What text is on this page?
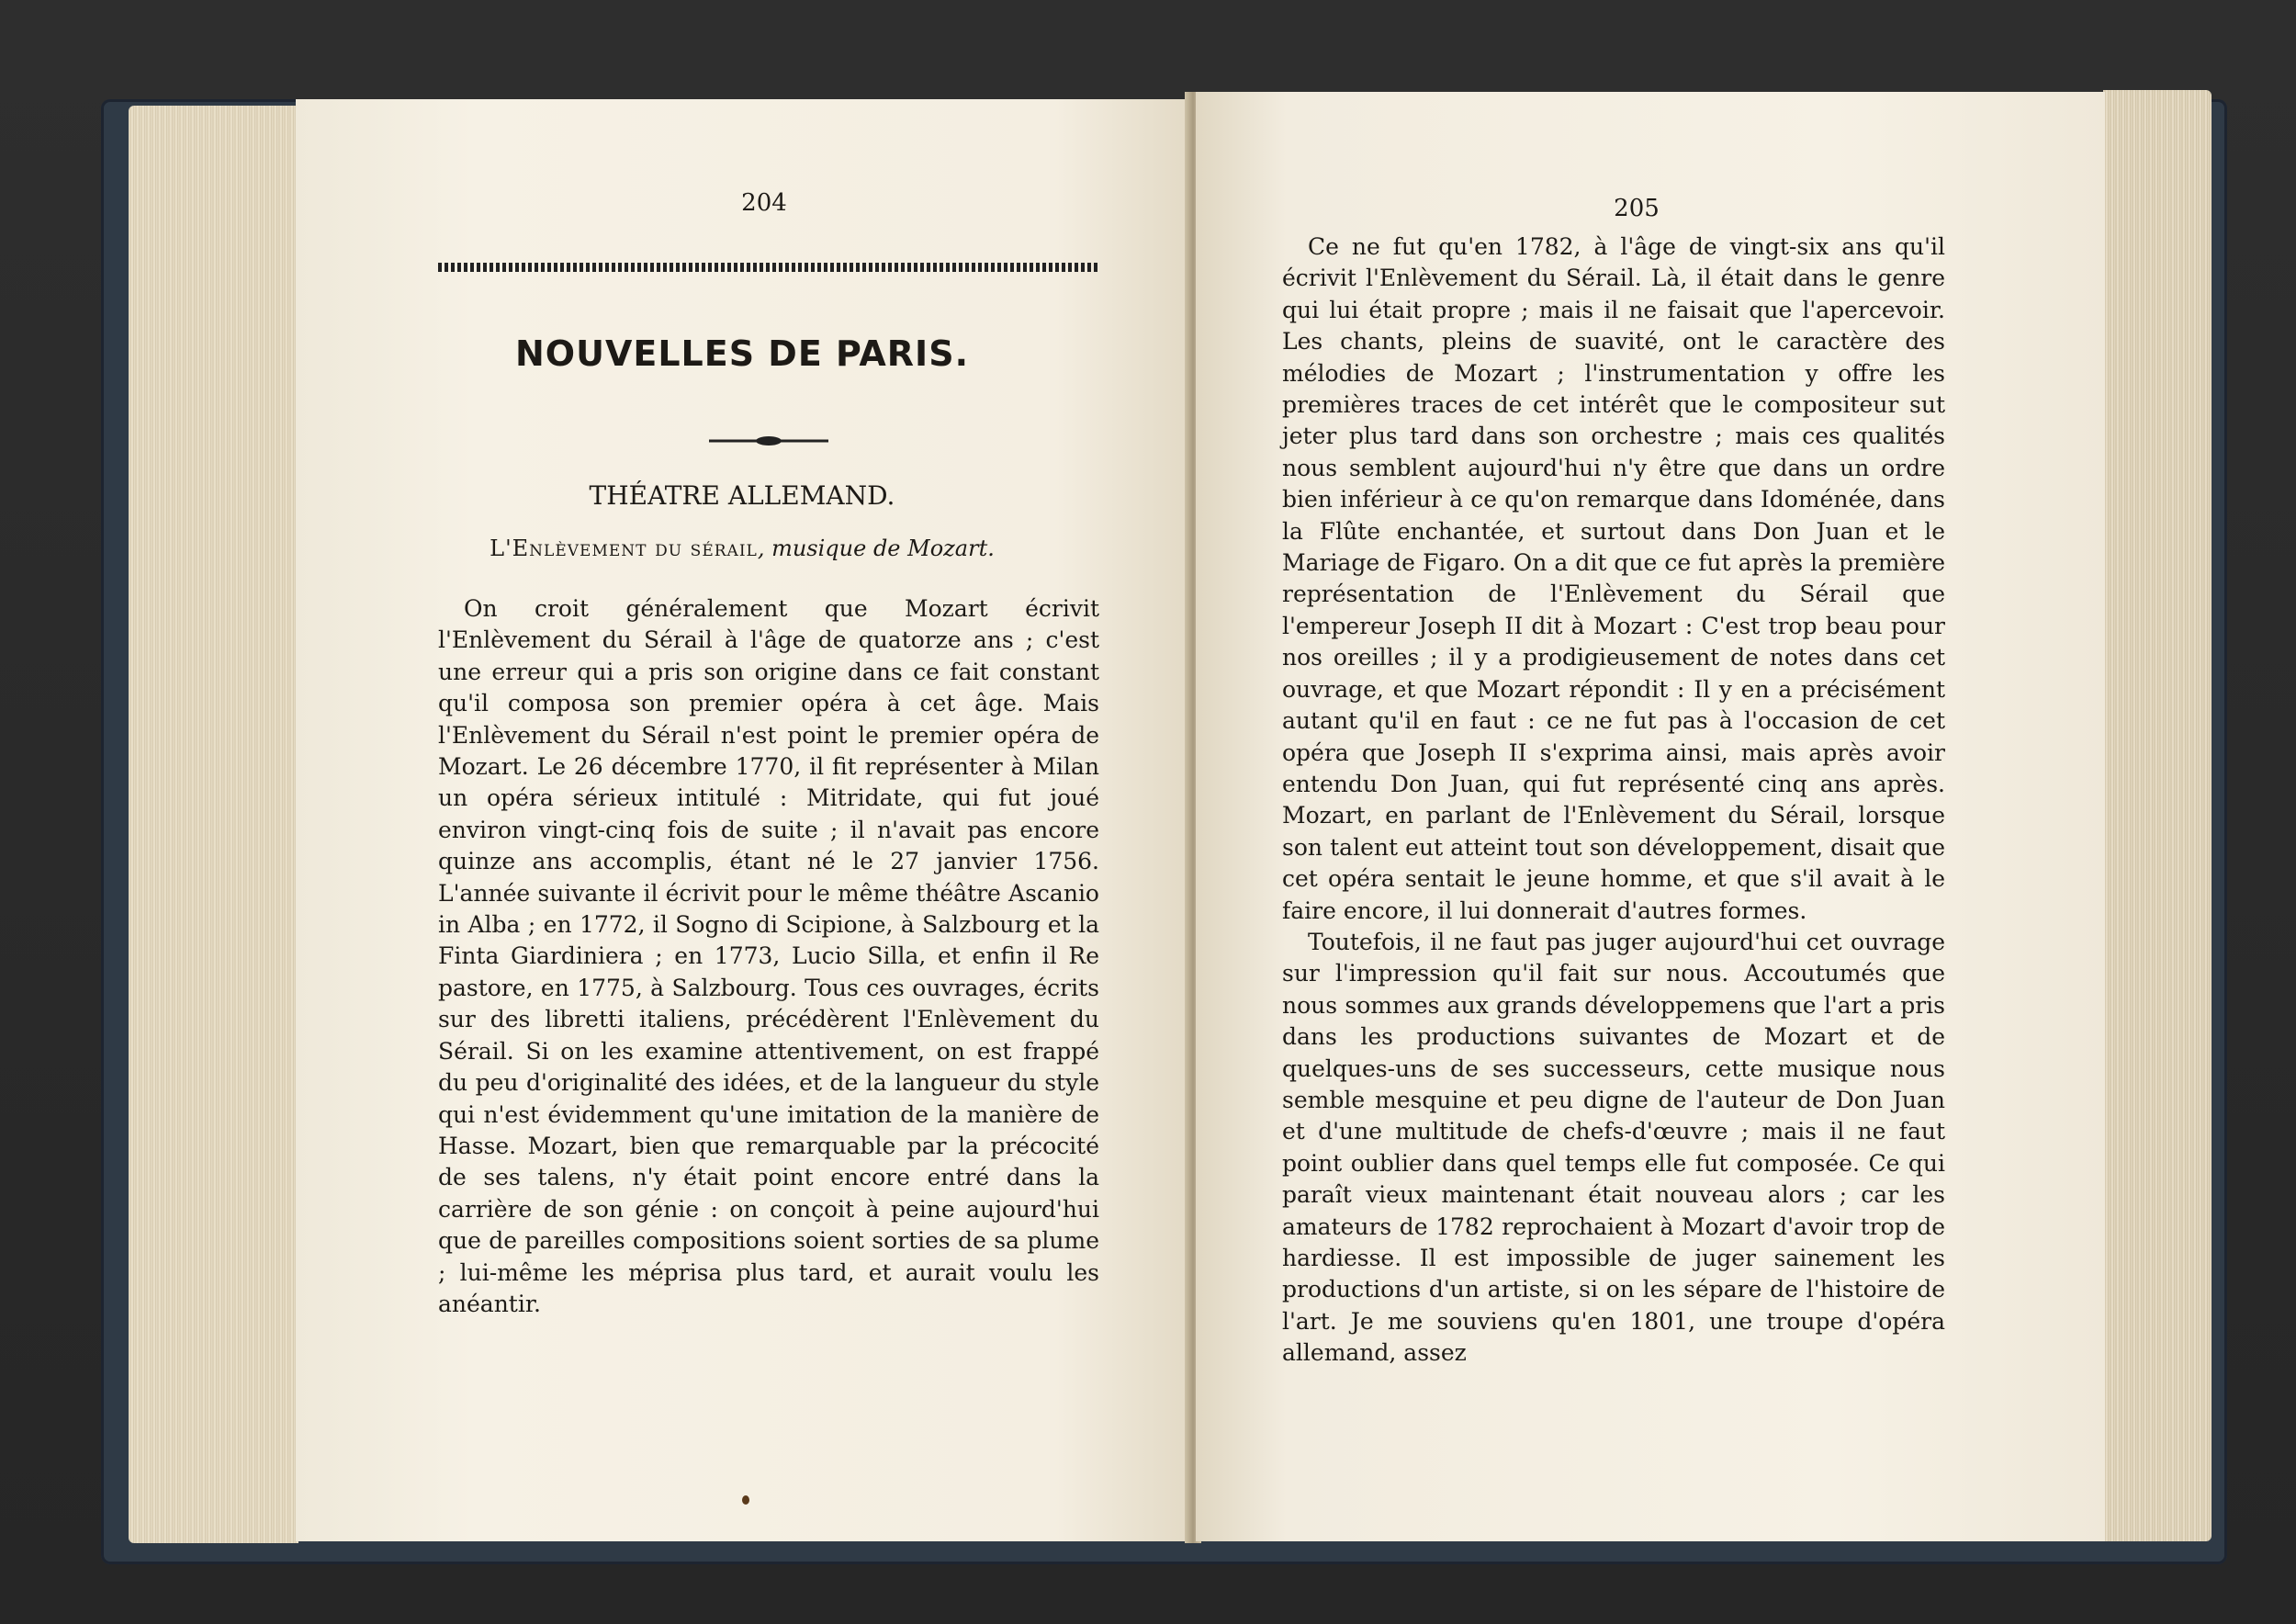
204
NOUVELLES DE PARIS.
THÉATRE ALLEMAND.
L'Enlèvement du sérail, musique de Mozart.

On croit généralement que Mozart écrivit l'Enlèvement du Sérail à l'âge de quatorze ans ; c'est une erreur qui a pris son origine dans ce fait constant qu'il composa son premier opéra à cet âge. Mais l'Enlèvement du Sérail n'est point le premier opéra de Mozart. Le 26 décembre 1770, il fit représenter à Milan un opéra sérieux intitulé : Mitridate, qui fut joué environ vingt-cinq fois de suite ; il n'avait pas encore quinze ans accomplis, étant né le 27 janvier 1756. L'année suivante il écrivit pour le même théâtre Ascanio in Alba ; en 1772, il Sogno di Scipione, à Salzbourg et la Finta Giardiniera ; en 1773, Lucio Silla, et enfin il Re pastore, en 1775, à Salzbourg. Tous ces ouvrages, écrits sur des libretti italiens, précédèrent l'Enlèvement du Sérail. Si on les examine attentivement, on est frappé du peu d'originalité des idées, et de la langueur du style qui n'est évidemment qu'une imitation de la manière de Hasse. Mozart, bien que remarquable par la précocité de ses talens, n'y était point encore entré dans la carrière de son génie : on conçoit à peine aujourd'hui que de pareilles compositions soient sorties de sa plume ; lui-même les méprisa plus tard, et aurait voulu les anéantir.

205

Ce ne fut qu'en 1782, à l'âge de vingt-six ans qu'il écrivit l'Enlèvement du Sérail. Là, il était dans le genre qui lui était propre ; mais il ne faisait que l'apercevoir. Les chants, pleins de suavité, ont le caractère des mélodies de Mozart ; l'instrumentation y offre les premières traces de cet intérêt que le compositeur sut jeter plus tard dans son orchestre ; mais ces qualités nous semblent aujourd'hui n'y être que dans un ordre bien inférieur à ce qu'on remarque dans Idoménée, dans la Flûte enchantée, et surtout dans Don Juan et le Mariage de Figaro. On a dit que ce fut après la première représentation de l'Enlèvement du Sérail que l'empereur Joseph II dit à Mozart : C'est trop beau pour nos oreilles ; il y a prodigieusement de notes dans cet ouvrage, et que Mozart répondit : Il y en a précisément autant qu'il en faut : ce ne fut pas à l'occasion de cet opéra que Joseph II s'exprima ainsi, mais après avoir entendu Don Juan, qui fut représenté cinq ans après. Mozart, en parlant de l'Enlèvement du Sérail, lorsque son talent eut atteint tout son développement, disait que cet opéra sentait le jeune homme, et que s'il avait à le faire encore, il lui donnerait d'autres formes.

Toutefois, il ne faut pas juger aujourd'hui cet ouvrage sur l'impression qu'il fait sur nous. Accoutumés que nous sommes aux grands développemens que l'art a pris dans les productions suivantes de Mozart et de quelques-uns de ses successeurs, cette musique nous semble mesquine et peu digne de l'auteur de Don Juan et d'une multitude de chefs-d'œuvre ; mais il ne faut point oublier dans quel temps elle fut composée. Ce qui paraît vieux maintenant était nouveau alors ; car les amateurs de 1782 reprochaient à Mozart d'avoir trop de hardiesse. Il est impossible de juger sainement les productions d'un artiste, si on les sépare de l'histoire de l'art. Je me souviens qu'en 1801, une troupe d'opéra allemand, assez
